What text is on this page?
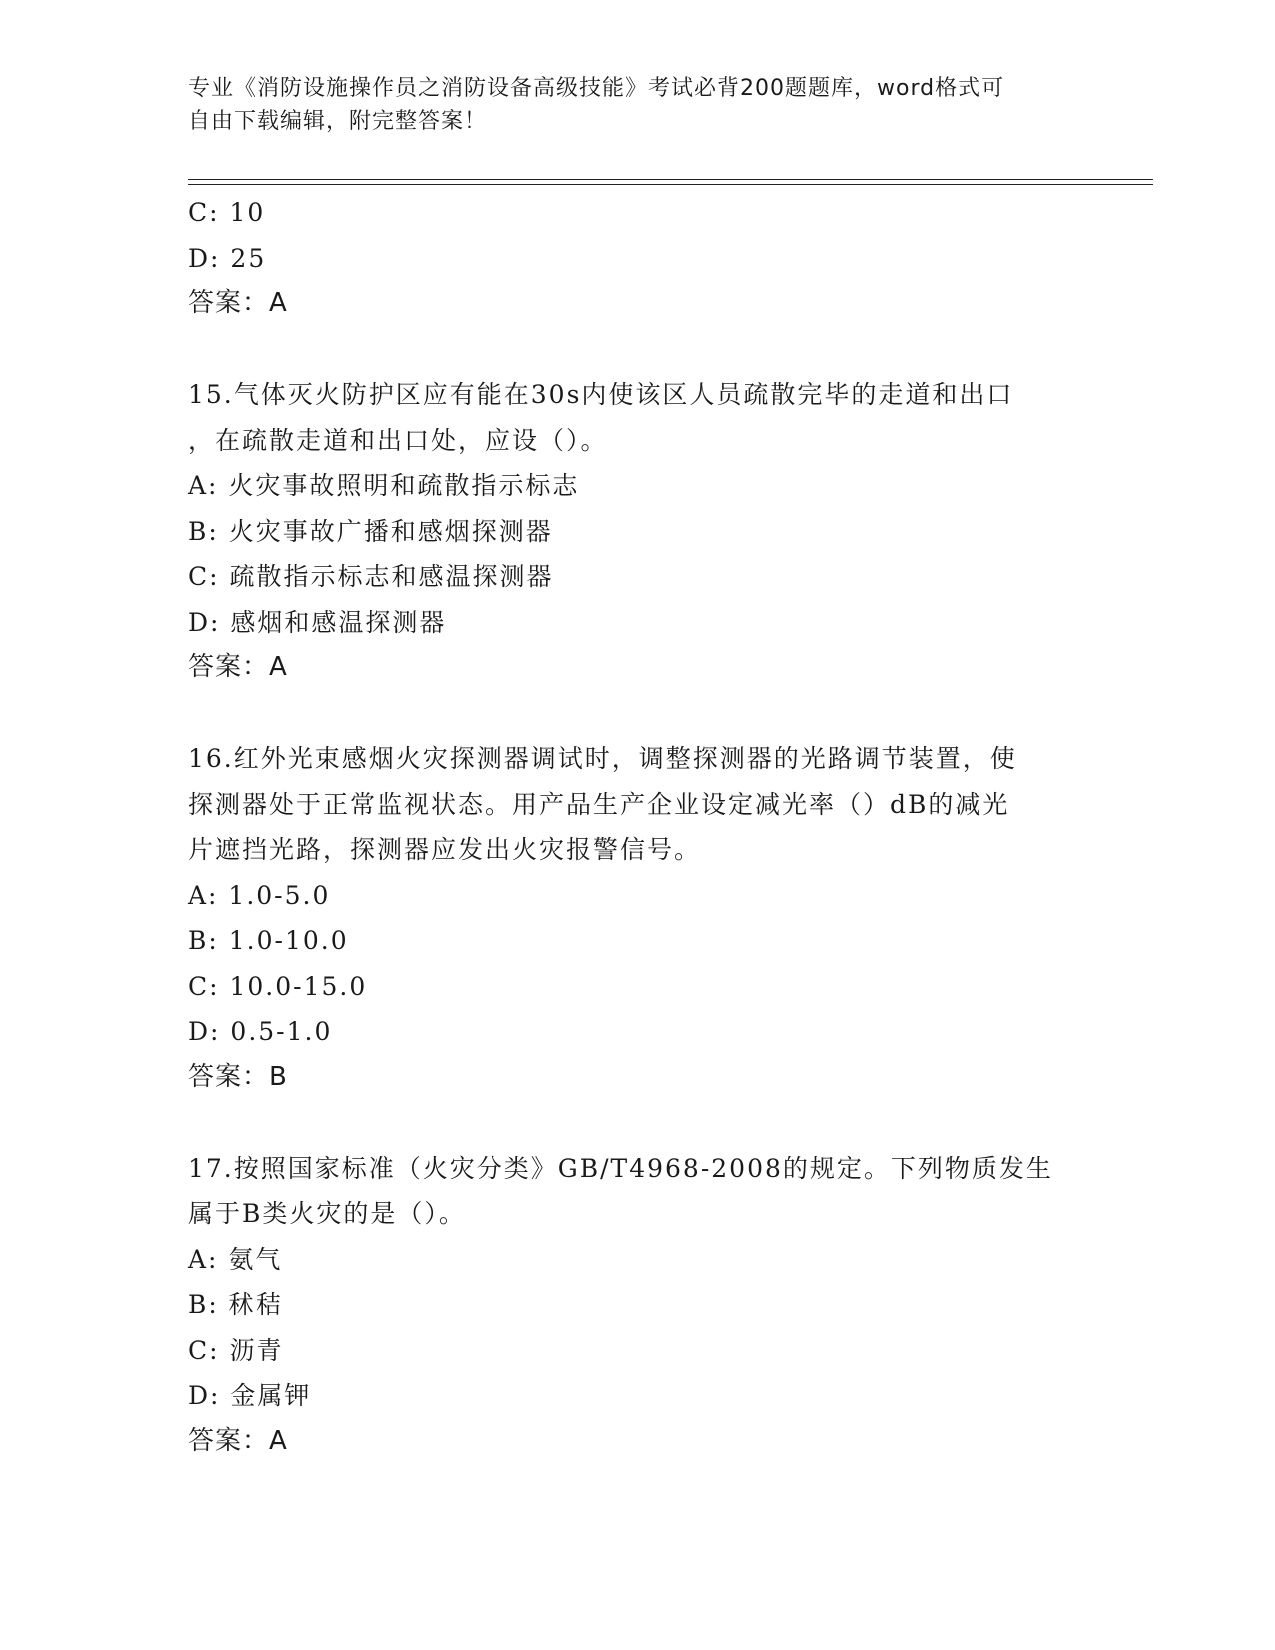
专业《消防设施操作员之消防设备高级技能》考试必背200题题库，word格式可
自由下载编辑，附完整答案！
C: 10
D: 25
答案：A
15.气体灭火防护区应有能在30s内使该区人员疏散完毕的走道和出口
，在疏散走道和出口处，应设（）。
A: 火灾事故照明和疏散指示标志
B: 火灾事故广播和感烟探测器
C: 疏散指示标志和感温探测器
D: 感烟和感温探测器
答案：A
16.红外光束感烟火灾探测器调试时，调整探测器的光路调节装置，使
探测器处于正常监视状态。用产品生产企业设定减光率（）dB的减光
片遮挡光路，探测器应发出火灾报警信号。
A: 1.0-5.0
B: 1.0-10.0
C: 10.0-15.0
D: 0.5-1.0
答案：B
17.按照国家标准（火灾分类》GB/T4968-2008的规定。下列物质发生
属于B类火灾的是（）。
A: 氨气
B: 秫秸
C: 沥青
D: 金属钾
答案：A
